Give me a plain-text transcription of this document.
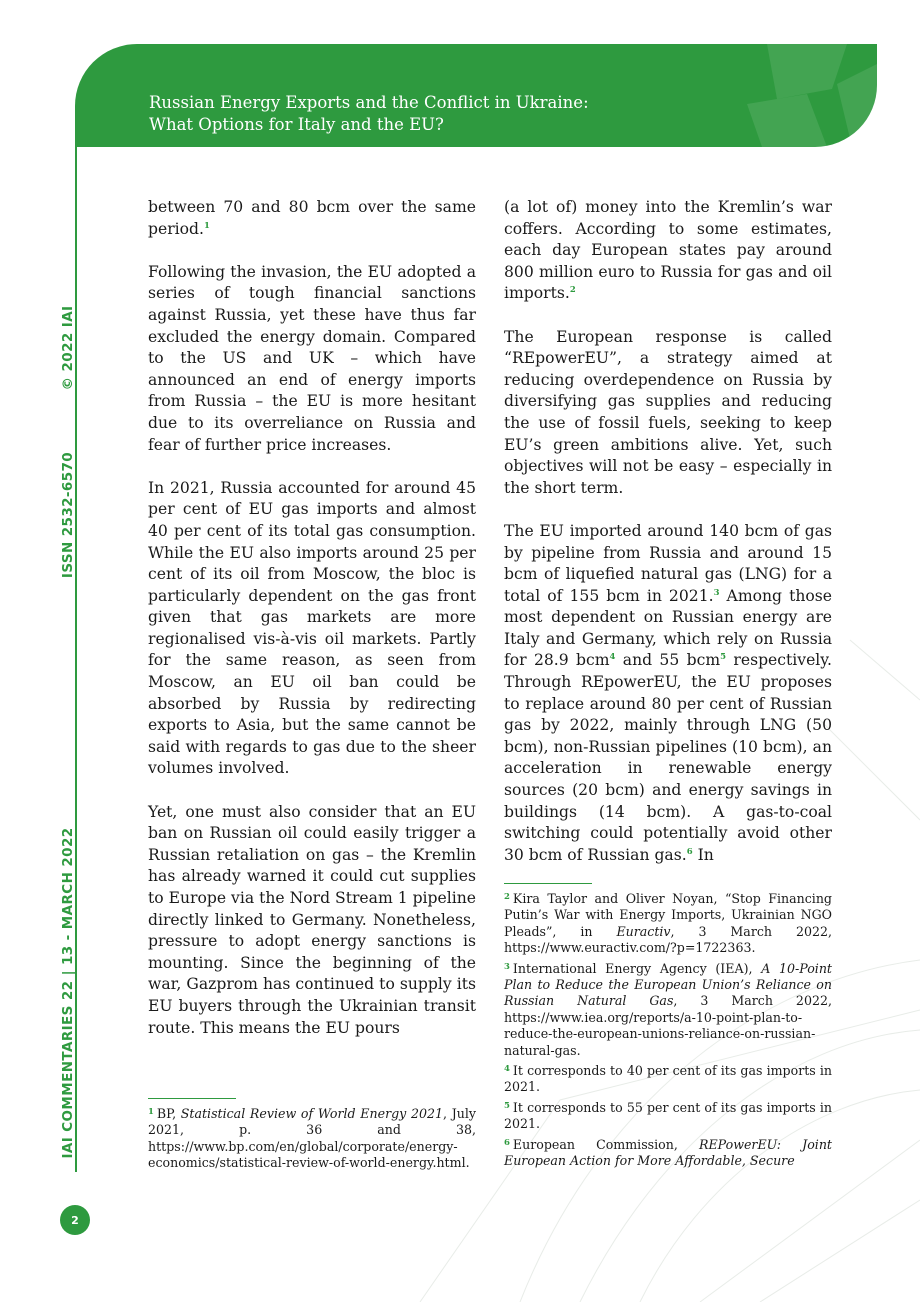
Russian Energy Exports and the Conflict in Ukraine:
What Options for Italy and the EU?
IAI COMMENTARIES 22 | 13 - MARCH 2022
ISSN 2532-6570
© 2022 IAI

between 70 and 80 bcm over the same period.$^1$

Following the invasion, the EU adopted a series of tough financial sanctions against Russia, yet these have thus far excluded the energy domain. Compared to the US and UK – which have announced an end of energy imports from Russia – the EU is more hesitant due to its overreliance on Russia and fear of further price increases.

In 2021, Russia accounted for around 45 per cent of EU gas imports and almost 40 per cent of its total gas consumption. While the EU also imports around 25 per cent of its oil from Moscow, the bloc is particularly dependent on the gas front given that gas markets are more regionalised vis-à-vis oil markets. Partly for the same reason, as seen from Moscow, an EU oil ban could be absorbed by Russia by redirecting exports to Asia, but the same cannot be said with regards to gas due to the sheer volumes involved.

Yet, one must also consider that an EU ban on Russian oil could easily trigger a Russian retaliation on gas – the Kremlin has already warned it could cut supplies to Europe via the Nord Stream 1 pipeline directly linked to Germany. Nonetheless, pressure to adopt energy sanctions is mounting. Since the beginning of the war, Gazprom has continued to supply its EU buyers through the Ukrainian transit route. This means the EU pours

(a lot of) money into the Kremlin’s war coffers. According to some estimates, each day European states pay around 800 million euro to Russia for gas and oil imports.$^2$

The European response is called “REpowerEU”, a strategy aimed at reducing overdependence on Russia by diversifying gas supplies and reducing the use of fossil fuels, seeking to keep EU’s green ambitions alive. Yet, such objectives will not be easy – especially in the short term.

The EU imported around 140 bcm of gas by pipeline from Russia and around 15 bcm of liquefied natural gas (LNG) for a total of 155 bcm in 2021.$^3$ Among those most dependent on Russian energy are Italy and Germany, which rely on Russia for 28.9 bcm$^4$ and 55 bcm$^5$ respectively. Through REpowerEU, the EU proposes to replace around 80 per cent of Russian gas by 2022, mainly through LNG (50 bcm), non-Russian pipelines (10 bcm), an acceleration in renewable energy sources (20 bcm) and energy savings in buildings (14 bcm). A gas-to-coal switching could potentially avoid other 30 bcm of Russian gas.$^6$ In

$^1$ BP, Statistical Review of World Energy 2021, July 2021, p. 36 and 38, https://www.bp.com/en/global/corporate/energy-economics/statistical-review-of-world-energy.html.
$^2$ Kira Taylor and Oliver Noyan, “Stop Financing Putin’s War with Energy Imports, Ukrainian NGO Pleads”, in Euractiv, 3 March 2022, https://www.euractiv.com/?p=1722363.
$^3$ International Energy Agency (IEA), A 10-Point Plan to Reduce the European Union’s Reliance on Russian Natural Gas, 3 March 2022, https://www.iea.org/reports/a-10-point-plan-to-reduce-the-european-unions-reliance-on-russian-natural-gas.
$^4$ It corresponds to 40 per cent of its gas imports in 2021.
$^5$ It corresponds to 55 per cent of its gas imports in 2021.
$^6$ European Commission, REPowerEU: Joint European Action for More Affordable, Secure
2
